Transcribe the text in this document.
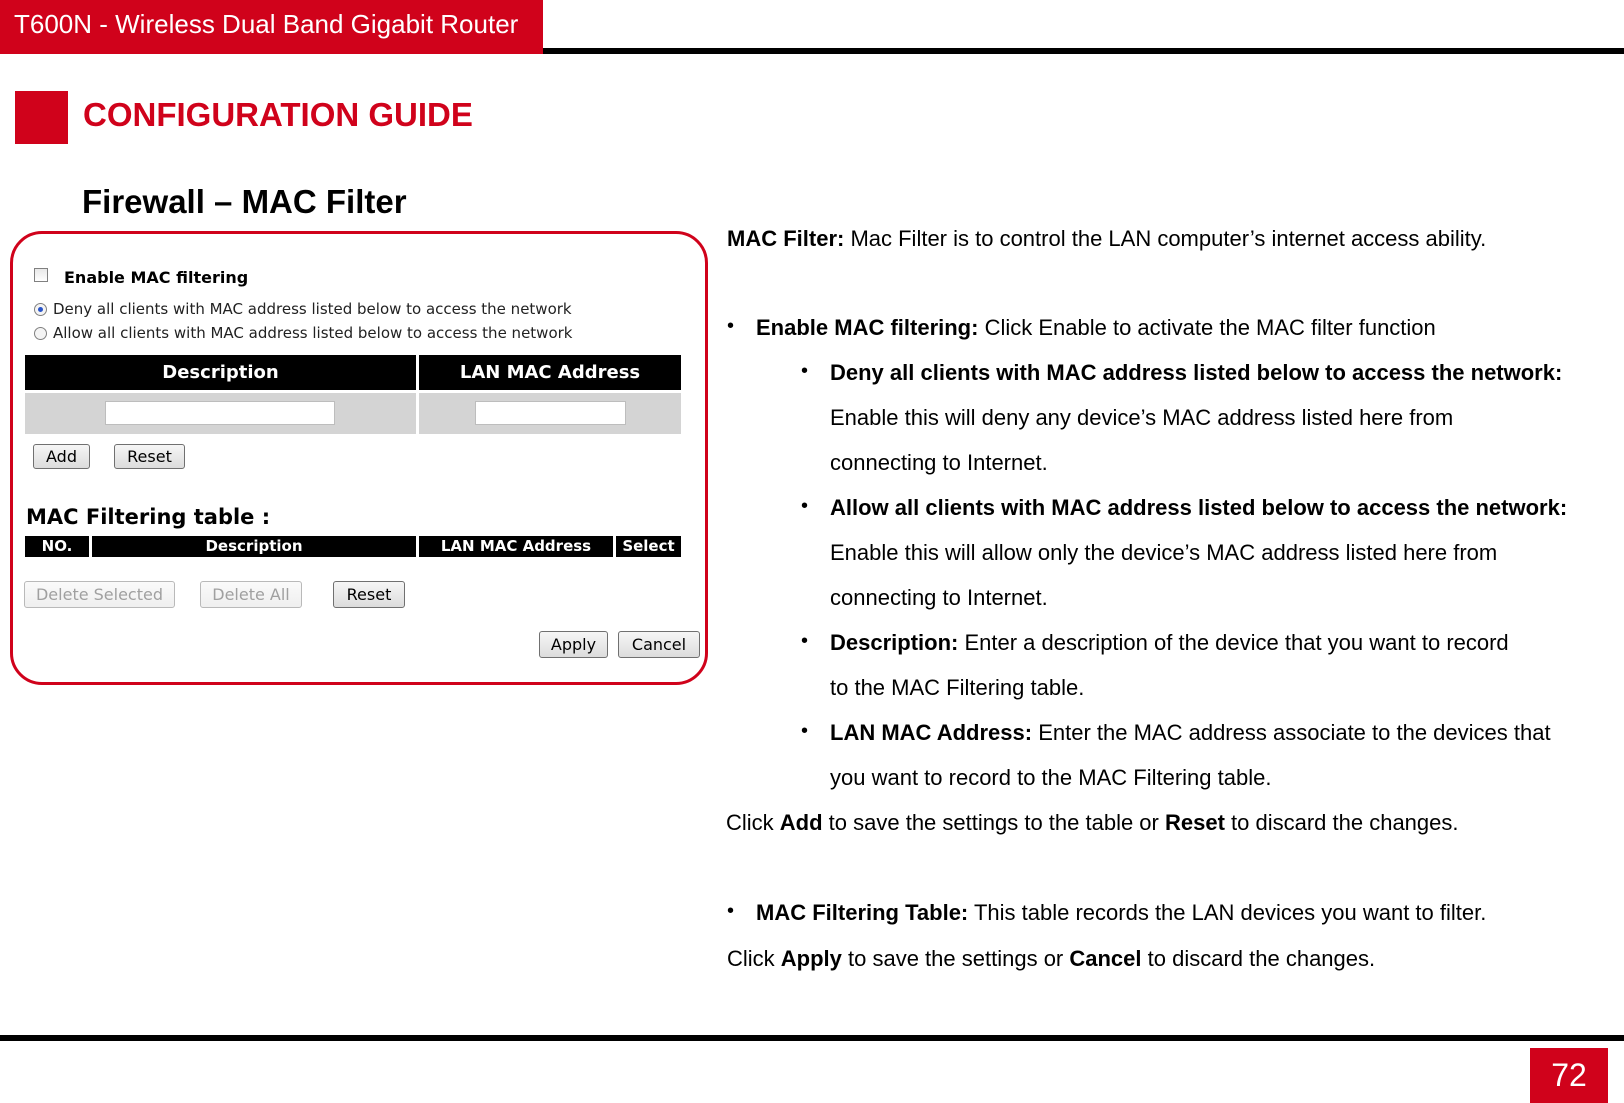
T600N - Wireless Dual Band Gigabit Router
CONFIGURATION GUIDE
Firewall – MAC Filter
Enable MAC filtering
Deny all clients with MAC address listed below to access the network
Allow all clients with MAC address listed below to access the network
Description	LAN MAC Address
Add	Reset
MAC Filtering table :
NO.	Description	LAN MAC Address	Select
Delete Selected	Delete All	Reset
Apply	Cancel
MAC Filter: Mac Filter is to control the LAN computer’s internet access ability.
• Enable MAC filtering: Click Enable to activate the MAC filter function
• Deny all clients with MAC address listed below to access the network:
Enable this will deny any device’s MAC address listed here from
connecting to Internet.
• Allow all clients with MAC address listed below to access the network:
Enable this will allow only the device’s MAC address listed here from
connecting to Internet.
• Description: Enter a description of the device that you want to record
to the MAC Filtering table.
• LAN MAC Address: Enter the MAC address associate to the devices that
you want to record to the MAC Filtering table.
Click Add to save the settings to the table or Reset to discard the changes.
• MAC Filtering Table: This table records the LAN devices you want to filter.
Click Apply to save the settings or Cancel to discard the changes.
72
